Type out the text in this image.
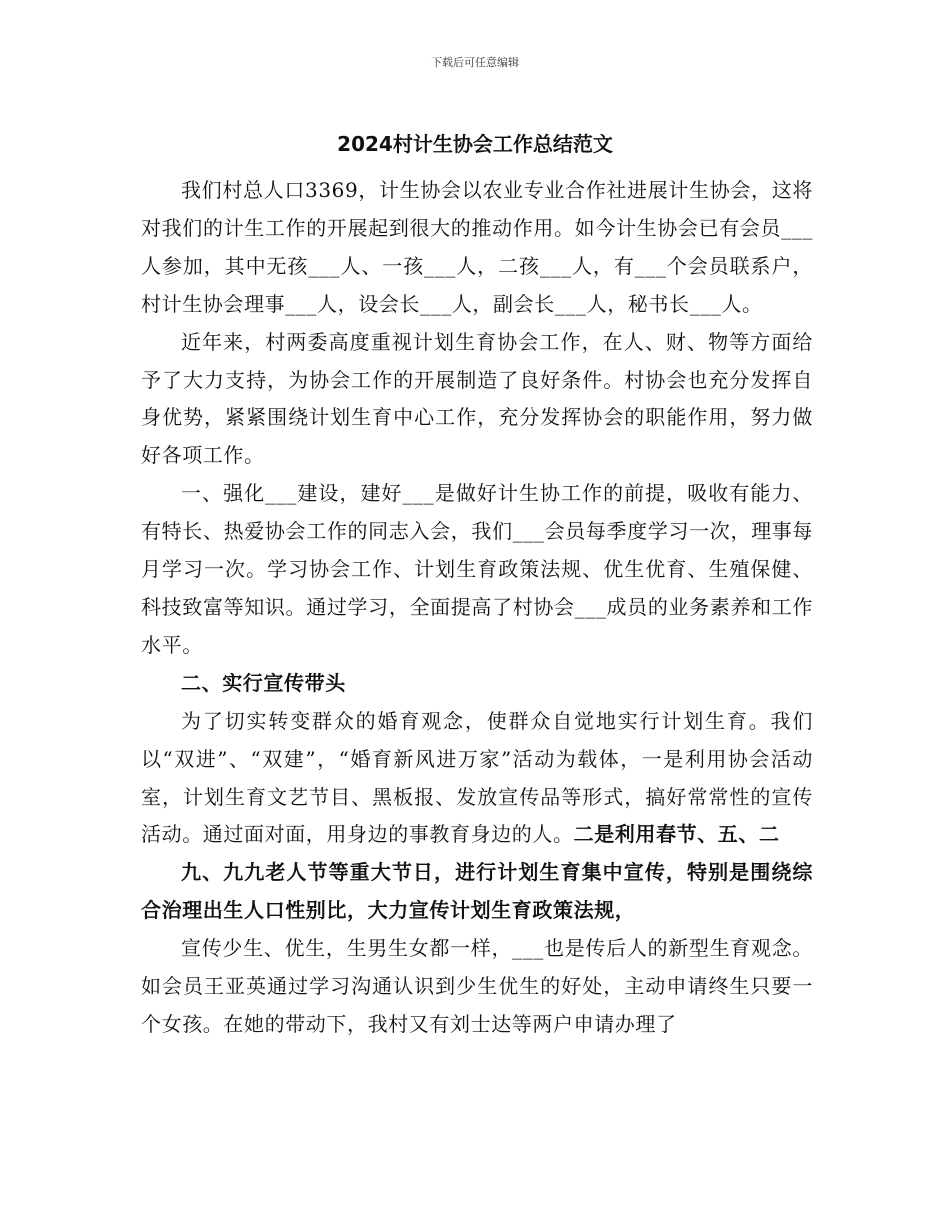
下载后可任意编辑
2024村计生协会工作总结范文

我们村总人口3369，计生协会以农业专业合作社进展计生协会，这将对我们的计生工作的开展起到很大的推动作用。如今计生协会已有会员___人参加，其中无孩___人、一孩___人，二孩___人，有___个会员联系户，村计生协会理事___人，设会长___人，副会长___人，秘书长___人。

近年来，村两委高度重视计划生育协会工作，在人、财、物等方面给予了大力支持，为协会工作的开展制造了良好条件。村协会也充分发挥自身优势，紧紧围绕计划生育中心工作，充分发挥协会的职能作用，努力做好各项工作。

一、强化___建设，建好___是做好计生协工作的前提，吸收有能力、有特长、热爱协会工作的同志入会，我们___会员每季度学习一次，理事每月学习一次。学习协会工作、计划生育政策法规、优生优育、生殖保健、科技致富等知识。通过学习，全面提高了村协会___成员的业务素养和工作水平。

二、实行宣传带头

为了切实转变群众的婚育观念，使群众自觉地实行计划生育。我们以“双进”、“双建”，“婚育新风进万家”活动为载体，一是利用协会活动室，计划生育文艺节目、黑板报、发放宣传品等形式，搞好常常性的宣传活动。通过面对面，用身边的事教育身边的人。二是利用春节、五、二

九、九九老人节等重大节日，进行计划生育集中宣传，特别是围绕综合治理出生人口性别比，大力宣传计划生育政策法规，

宣传少生、优生，生男生女都一样，___也是传后人的新型生育观念。如会员王亚英通过学习沟通认识到少生优生的好处，主动申请终生只要一个女孩。在她的带动下，我村又有刘士达等两户申请办理了
